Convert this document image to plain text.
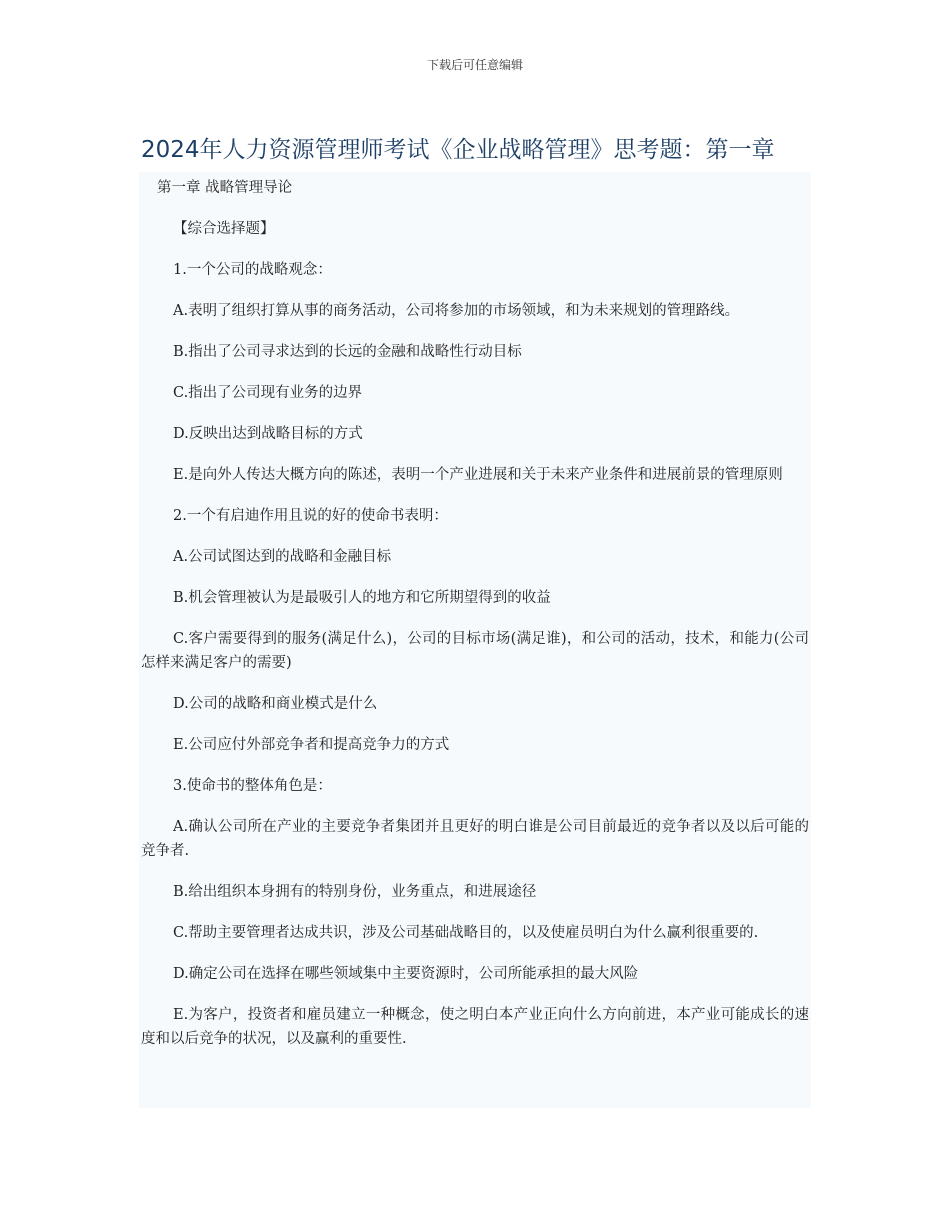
下载后可任意编辑
2024年人力资源管理师考试《企业战略管理》思考题：第一章

第一章 战略管理导论

【综合选择题】

1.一个公司的战略观念：

A.表明了组织打算从事的商务活动，公司将参加的市场领域，和为未来规划的管理路线。

B.指出了公司寻求达到的长远的金融和战略性行动目标

C.指出了公司现有业务的边界

D.反映出达到战略目标的方式

E.是向外人传达大概方向的陈述，表明一个产业进展和关于未来产业条件和进展前景的管理原则

2.一个有启迪作用且说的好的使命书表明：

A.公司试图达到的战略和金融目标

B.机会管理被认为是最吸引人的地方和它所期望得到的收益

C.客户需要得到的服务(满足什么)，公司的目标市场(满足谁)，和公司的活动，技术，和能力(公司怎样来满足客户的需要)

D.公司的战略和商业模式是什么

E.公司应付外部竞争者和提高竞争力的方式

3.使命书的整体角色是：

A.确认公司所在产业的主要竞争者集团并且更好的明白谁是公司目前最近的竞争者以及以后可能的竞争者.

B.给出组织本身拥有的特别身份，业务重点，和进展途径

C.帮助主要管理者达成共识，涉及公司基础战略目的，以及使雇员明白为什么赢利很重要的.

D.确定公司在选择在哪些领域集中主要资源时，公司所能承担的最大风险

E.为客户，投资者和雇员建立一种概念，使之明白本产业正向什么方向前进，本产业可能成长的速度和以后竞争的状况，以及赢利的重要性.
